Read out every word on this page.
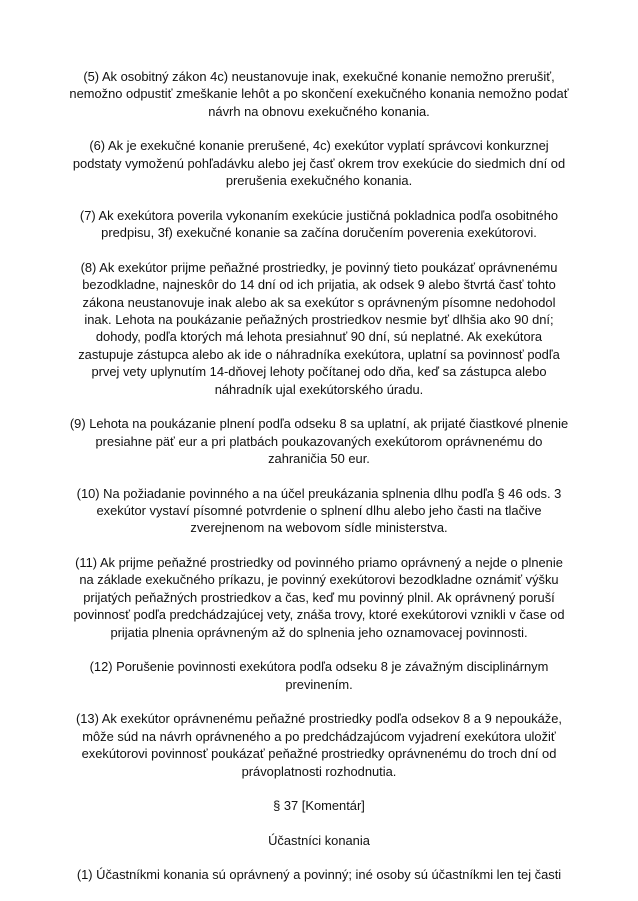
(5) Ak osobitný zákon 4c) neustanovuje inak, exekučné konanie nemožno prerušiť, nemožno odpustiť zmeškanie lehôt a po skončení exekučného konania nemožno podať návrh na obnovu exekučného konania.

(6) Ak je exekučné konanie prerušené, 4c) exekútor vyplatí správcovi konkurznej podstaty vymoženú pohľadávku alebo jej časť okrem trov exekúcie do siedmich dní od prerušenia exekučného konania.

(7) Ak exekútora poverila vykonaním exekúcie justičná pokladnica podľa osobitného predpisu, 3f) exekučné konanie sa začína doručením poverenia exekútorovi.

(8) Ak exekútor prijme peňažné prostriedky, je povinný tieto poukázať oprávnenému bezodkladne, najneskôr do 14 dní od ich prijatia, ak odsek 9 alebo štvrtá časť tohto zákona neustanovuje inak alebo ak sa exekútor s oprávneným písomne nedohodol inak. Lehota na poukázanie peňažných prostriedkov nesmie byť dlhšia ako 90 dní; dohody, podľa ktorých má lehota presiahnuť 90 dní, sú neplatné. Ak exekútora zastupuje zástupca alebo ak ide o náhradníka exekútora, uplatní sa povinnosť podľa prvej vety uplynutím 14-dňovej lehoty počítanej odo dňa, keď sa zástupca alebo náhradník ujal exekútorského úradu.

(9) Lehota na poukázanie plnení podľa odseku 8 sa uplatní, ak prijaté čiastkové plnenie presiahne päť eur a pri platbách poukazovaných exekútorom oprávnenému do zahraničia 50 eur.

(10) Na požiadanie povinného a na účel preukázania splnenia dlhu podľa § 46 ods. 3 exekútor vystaví písomné potvrdenie o splnení dlhu alebo jeho časti na tlačive zverejnenom na webovom sídle ministerstva.

(11) Ak prijme peňažné prostriedky od povinného priamo oprávnený a nejde o plnenie na základe exekučného príkazu, je povinný exekútorovi bezodkladne oznámiť výšku prijatých peňažných prostriedkov a čas, keď mu povinný plnil. Ak oprávnený poruší povinnosť podľa predchádzajúcej vety, znáša trovy, ktoré exekútorovi vznikli v čase od prijatia plnenia oprávneným až do splnenia jeho oznamovacej povinnosti.

(12) Porušenie povinnosti exekútora podľa odseku 8 je závažným disciplinárnym previnením.

(13) Ak exekútor oprávnenému peňažné prostriedky podľa odsekov 8 a 9 nepoukáže, môže súd na návrh oprávneného a po predchádzajúcom vyjadrení exekútora uložiť exekútorovi povinnosť poukázať peňažné prostriedky oprávnenému do troch dní od právoplatnosti rozhodnutia.

§ 37 [Komentár]

Účastníci konania

(1) Účastníkmi konania sú oprávnený a povinný; iné osoby sú účastníkmi len tej časti
